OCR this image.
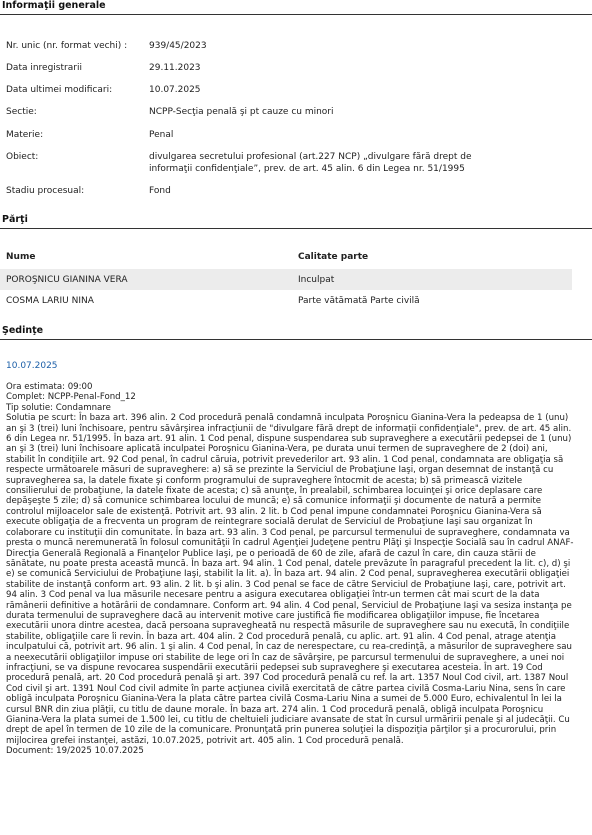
Informaţii generale
Nr. unic (nr. format vechi) :	939/45/2023
Data inregistrarii	29.11.2023
Data ultimei modificari:	10.07.2025
Sectie:	NCPP-Secţia penală şi pt cauze cu minori
Materie:	Penal
Obiect:	divulgarea secretului profesional (art.227 NCP) „divulgare fără drept de informaţii confidenţiale”, prev. de art. 45 alin. 6 din Legea nr. 51/1995
Stadiu procesual:	Fond
Părţi
Nume	Calitate parte
POROŞNICU GIANINA VERA	Inculpat
COSMA LARIU NINA	Parte vătămată Parte civilă
Şedinţe
10.07.2025

Ora estimata: 09:00

Complet: NCPP-Penal-Fond_12

Tip solutie: Condamnare

Solutia pe scurt: În baza art. 396 alin. 2 Cod procedură penală condamnă inculpata Poroşnicu Gianina-Vera la pedeapsa de 1 (unu) an şi 3 (trei) luni închisoare, pentru săvârşirea infracţiunii de "divulgare fără drept de informaţii confidenţiale", prev. de art. 45 alin. 6 din Legea nr. 51/1995. În baza art. 91 alin. 1 Cod penal, dispune suspendarea sub supraveghere a executării pedepsei de 1 (unu) an şi 3 (trei) luni închisoare aplicată inculpatei Poroşnicu Gianina-Vera, pe durata unui termen de supraveghere de 2 (doi) ani, stabilit în condiţiile art. 92 Cod penal, în cadrul căruia, potrivit prevederilor art. 93 alin. 1 Cod penal, condamnata are obligaţia să respecte următoarele măsuri de supraveghere: a) să se prezinte la Serviciul de Probaţiune Iaşi, organ desemnat de instanţă cu supravegherea sa, la datele fixate şi conform programului de supraveghere întocmit de acesta; b) să primească vizitele consilierului de probaţiune, la datele fixate de acesta; c) să anunţe, în prealabil, schimbarea locuinţei şi orice deplasare care depăşeşte 5 zile; d) să comunice schimbarea locului de muncă; e) să comunice informaţii şi documente de natură a permite controlul mijloacelor sale de existenţă. Potrivit art. 93 alin. 2 lit. b Cod penal impune condamnatei Poroşnicu Gianina-Vera să execute obligaţia de a frecventa un program de reintegrare socială derulat de Serviciul de Probaţiune Iaşi sau organizat în colaborare cu instituţii din comunitate. În baza art. 93 alin. 3 Cod penal, pe parcursul termenului de supraveghere, condamnata va presta o muncă neremunerată în folosul comunităţii în cadrul Agenţiei Judeţene pentru Plăţi şi Inspecţie Socială sau în cadrul ANAF-Direcţia Generală Regională a Finanţelor Publice Iaşi, pe o perioadă de 60 de zile, afară de cazul în care, din cauza stării de sănătate, nu poate presta această muncă. În baza art. 94 alin. 1 Cod penal, datele prevăzute în paragraful precedent la lit. c), d) şi e) se comunică Serviciului de Probaţiune Iaşi, stabilit la lit. a). În baza art. 94 alin. 2 Cod penal, supravegherea executării obligaţiei stabilite de instanţă conform art. 93 alin. 2 lit. b şi alin. 3 Cod penal se face de către Serviciul de Probaţiune Iaşi, care, potrivit art. 94 alin. 3 Cod penal va lua măsurile necesare pentru a asigura executarea obligaţiei într-un termen cât mai scurt de la data rămânerii definitive a hotărârii de condamnare. Conform art. 94 alin. 4 Cod penal, Serviciul de Probaţiune Iaşi va sesiza instanţa pe durata termenului de supraveghere dacă au intervenit motive care justifică fie modificarea obligaţiilor impuse, fie încetarea executării unora dintre acestea, dacă persoana supravegheată nu respectă măsurile de supraveghere sau nu execută, în condiţiile stabilite, obligaţiile care îi revin. În baza art. 404 alin. 2 Cod procedură penală, cu aplic. art. 91 alin. 4 Cod penal, atrage atenţia inculpatului că, potrivit art. 96 alin. 1 şi alin. 4 Cod penal, în caz de nerespectare, cu rea-credinţă, a măsurilor de supraveghere sau a neexecutării obligaţiilor impuse ori stabilite de lege ori în caz de săvârşire, pe parcursul termenului de supraveghere, a unei noi infracţiuni, se va dispune revocarea suspendării executării pedepsei sub supraveghere şi executarea acesteia. În art. 19 Cod procedură penală, art. 20 Cod procedură penală şi art. 397 Cod procedură penală cu ref. la art. 1357 Noul Cod civil, art. 1387 Noul Cod civil şi art. 1391 Noul Cod civil admite în parte acţiunea civilă exercitată de către partea civilă Cosma-Lariu Nina, sens în care obligă inculpata Poroşnicu Gianina-Vera la plata către partea civilă Cosma-Lariu Nina a sumei de 5.000 Euro, echivalentul în lei la cursul BNR din ziua plăţii, cu titlu de daune morale. În baza art. 274 alin. 1 Cod procedură penală, obligă inculpata Poroşnicu Gianina-Vera la plata sumei de 1.500 lei, cu titlu de cheltuieli judiciare avansate de stat în cursul urmăririi penale şi al judecăţii. Cu drept de apel în termen de 10 zile de la comunicare. Pronunţată prin punerea soluţiei la dispoziţia părţilor şi a procurorului, prin mijlocirea grefei instanţei, astăzi, 10.07.2025, potrivit art. 405 alin. 1 Cod procedură penală.

Document: 19/2025 10.07.2025
